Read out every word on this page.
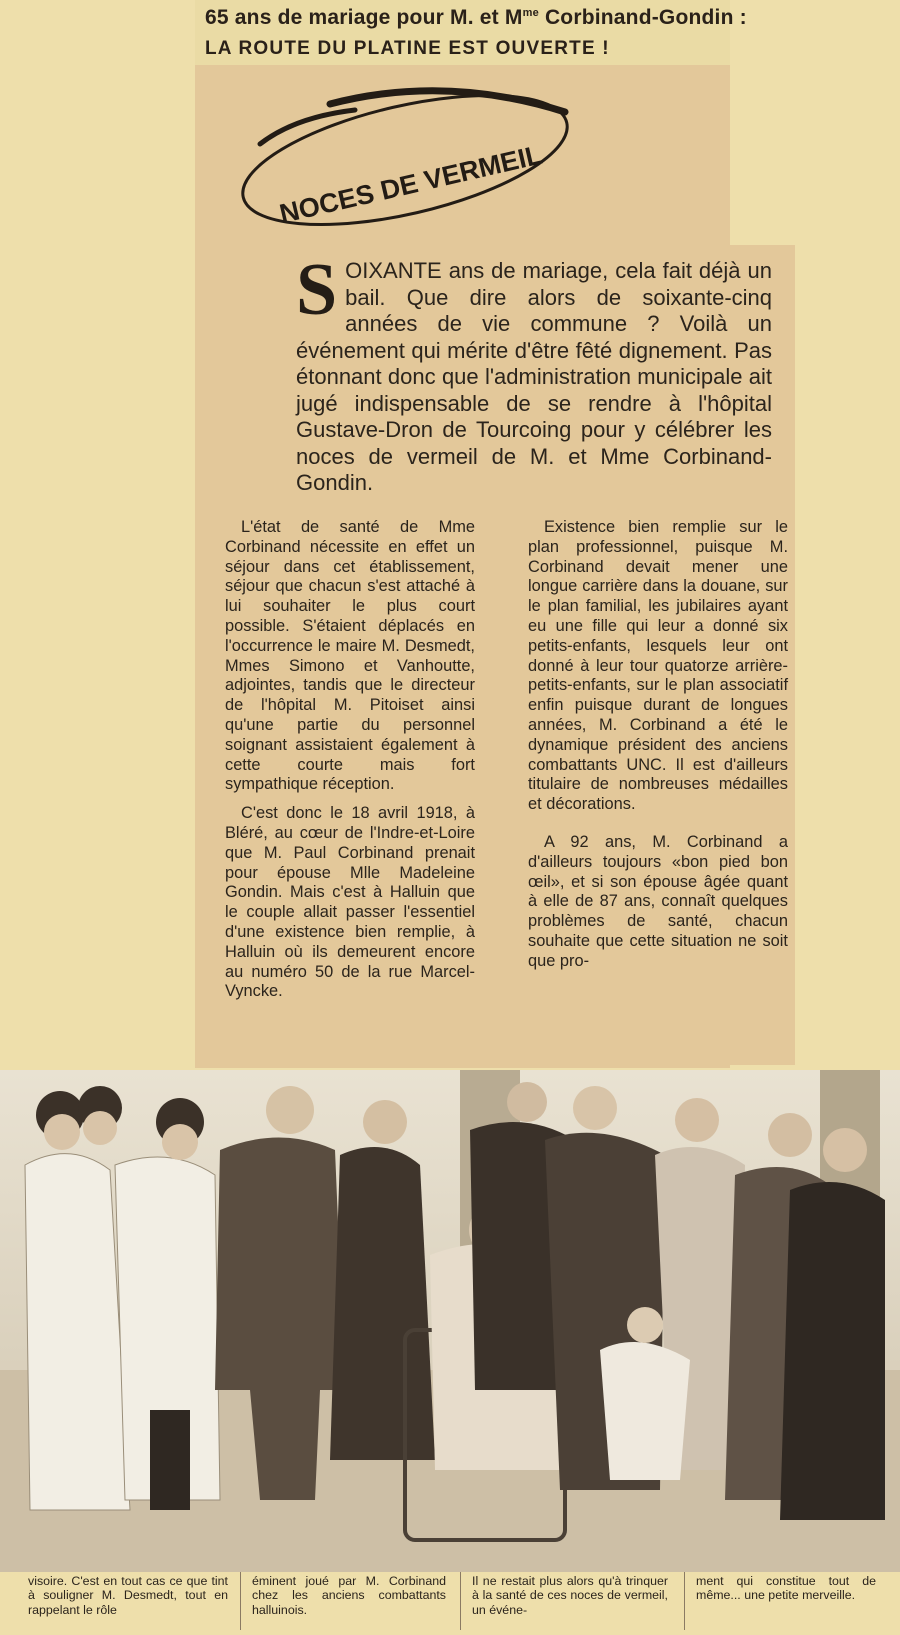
65 ans de mariage pour M. et $M^{me}$ Corbinand-Gondin :
LA ROUTE DU PLATINE EST OUVERTE !
NOCES DE VERMEIL
S OIXANTE ans de mariage, cela fait déjà un bail. Que dire alors de soixante-cinq années de vie commune ? Voilà un événement qui mérite d'être fêté dignement. Pas étonnant donc que l'administration municipale ait jugé indispensable de se rendre à l'hôpital Gustave-Dron de Tourcoing pour y célébrer les noces de vermeil de M. et Mme Corbinand-Gondin.

L'état de santé de Mme Corbinand nécessite en effet un séjour dans cet établissement, séjour que chacun s'est attaché à lui souhaiter le plus court possible. S'étaient déplacés en l'occurrence le maire M. Desmedt, Mmes Simono et Vanhoutte, adjointes, tandis que le directeur de l'hôpital M. Pitoiset ainsi qu'une partie du personnel soignant assistaient également à cette courte mais fort sympathique réception.

C'est donc le 18 avril 1918, à Bléré, au cœur de l'Indre-et-Loire que M. Paul Corbinand prenait pour épouse Mlle Madeleine Gondin. Mais c'est à Halluin que le couple allait passer l'essentiel d'une existence bien remplie, à Halluin où ils demeurent encore au numéro 50 de la rue Marcel-Vyncke.

Existence bien remplie sur le plan professionnel, puisque M. Corbinand devait mener une longue carrière dans la douane, sur le plan familial, les jubilaires ayant eu une fille qui leur a donné six petits-enfants, lesquels leur ont donné à leur tour quatorze arrière-petits-enfants, sur le plan associatif enfin puisque durant de longues années, M. Corbinand a été le dynamique président des anciens combattants UNC. Il est d'ailleurs titulaire de nombreuses médailles et décorations.

A 92 ans, M. Corbinand a d'ailleurs toujours «bon pied bon œil», et si son épouse âgée quant à elle de 87 ans, connaît quelques problèmes de santé, chacun souhaite que cette situation ne soit que pro-

visoire. C'est en tout cas ce que tint à souligner M. Desmedt, tout en rappelant le rôle
éminent joué par M. Corbinand chez les anciens combattants halluinois.
Il ne restait plus alors qu'à trinquer à la santé de ces noces de vermeil, un événe-
ment qui constitue tout de même... une petite merveille.
